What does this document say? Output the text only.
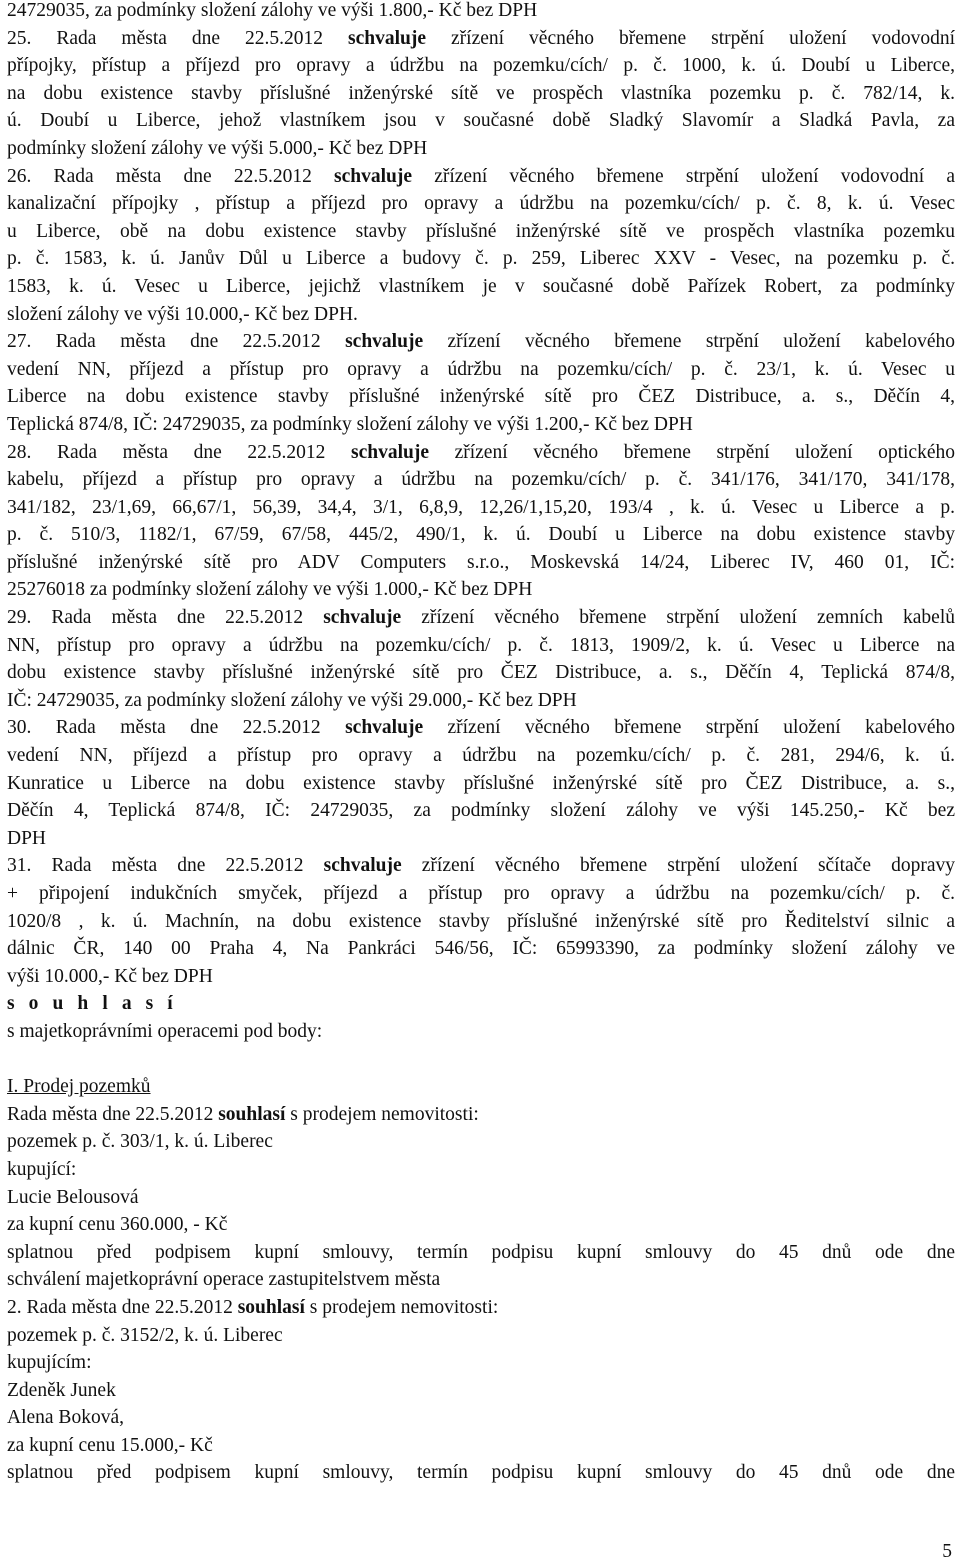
24729035, za podmínky složení zálohy ve výši 1.800,- Kč bez DPH
25. Rada města dne 22.5.2012 schvaluje zřízení věcného břemene strpění uložení vodovodní
přípojky, přístup a příjezd pro opravy a údržbu na pozemku/cích/ p. č. 1000, k. ú. Doubí u Liberce,
na dobu existence stavby příslušné inženýrské sítě ve prospěch vlastníka pozemku p. č. 782/14, k.
ú. Doubí u Liberce, jehož vlastníkem jsou v současné době Sladký Slavomír a Sladká Pavla, za
podmínky složení zálohy ve výši 5.000,- Kč bez DPH
26. Rada města dne 22.5.2012 schvaluje zřízení věcného břemene strpění uložení vodovodní a
kanalizační přípojky , přístup a příjezd pro opravy a údržbu na pozemku/cích/ p. č. 8, k. ú. Vesec
u Liberce, obě na dobu existence stavby příslušné inženýrské sítě ve prospěch vlastníka pozemku
p. č. 1583, k. ú. Janův Důl u Liberce a budovy č. p. 259, Liberec XXV - Vesec, na pozemku p. č.
1583, k. ú. Vesec u Liberce, jejichž vlastníkem je v současné době Pařízek Robert, za podmínky
složení zálohy ve výši 10.000,- Kč bez DPH.
27. Rada města dne 22.5.2012 schvaluje zřízení věcného břemene strpění uložení kabelového
vedení NN, příjezd a přístup pro opravy a údržbu na pozemku/cích/ p. č. 23/1, k. ú. Vesec u
Liberce na dobu existence stavby příslušné inženýrské sítě pro ČEZ Distribuce, a. s., Děčín 4,
Teplická 874/8, IČ: 24729035, za podmínky složení zálohy ve výši 1.200,- Kč bez DPH
28. Rada města dne 22.5.2012 schvaluje zřízení věcného břemene strpění uložení optického
kabelu, příjezd a přístup pro opravy a údržbu na pozemku/cích/ p. č. 341/176, 341/170, 341/178,
341/182, 23/1,69, 66,67/1, 56,39, 34,4, 3/1, 6,8,9, 12,26/1,15,20, 193/4 , k. ú. Vesec u Liberce a p.
p. č. 510/3, 1182/1, 67/59, 67/58, 445/2, 490/1, k. ú. Doubí u Liberce na dobu existence stavby
příslušné inženýrské sítě pro ADV Computers s.r.o., Moskevská 14/24, Liberec IV, 460 01, IČ:
25276018 za podmínky složení zálohy ve výši 1.000,- Kč bez DPH
29. Rada města dne 22.5.2012 schvaluje zřízení věcného břemene strpění uložení zemních kabelů
NN, přístup pro opravy a údržbu na pozemku/cích/ p. č. 1813, 1909/2, k. ú. Vesec u Liberce na
dobu existence stavby příslušné inženýrské sítě pro ČEZ Distribuce, a. s., Děčín 4, Teplická 874/8,
IČ: 24729035, za podmínky složení zálohy ve výši 29.000,- Kč bez DPH
30. Rada města dne 22.5.2012 schvaluje zřízení věcného břemene strpění uložení kabelového
vedení NN, příjezd a přístup pro opravy a údržbu na pozemku/cích/ p. č. 281, 294/6, k. ú.
Kunratice u Liberce na dobu existence stavby příslušné inženýrské sítě pro ČEZ Distribuce, a. s.,
Děčín 4, Teplická 874/8, IČ: 24729035, za podmínky složení zálohy ve výši 145.250,- Kč bez
DPH
31. Rada města dne 22.5.2012 schvaluje zřízení věcného břemene strpění uložení sčítače dopravy
+ připojení indukčních smyček, příjezd a přístup pro opravy a údržbu na pozemku/cích/ p. č.
1020/8 , k. ú. Machnín, na dobu existence stavby příslušné inženýrské sítě pro Ředitelství silnic a
dálnic ČR, 140 00 Praha 4, Na Pankráci 546/56, IČ: 65993390, za podmínky složení zálohy ve
výši 10.000,- Kč bez DPH
s o u h l a s í
s majetkoprávními operacemi pod body:

I. Prodej pozemků
Rada města dne 22.5.2012 souhlasí s prodejem nemovitosti:
pozemek p. č. 303/1, k. ú. Liberec
kupující:
Lucie Belousová
za kupní cenu 360.000, - Kč
splatnou před podpisem kupní smlouvy, termín podpisu kupní smlouvy do 45 dnů ode dne
schválení majetkoprávní operace zastupitelstvem města
2. Rada města dne 22.5.2012 souhlasí s prodejem nemovitosti:
pozemek p. č. 3152/2, k. ú. Liberec
kupujícím:
Zdeněk Junek
Alena Boková,
za kupní cenu 15.000,- Kč
splatnou před podpisem kupní smlouvy, termín podpisu kupní smlouvy do 45 dnů ode dne
5
